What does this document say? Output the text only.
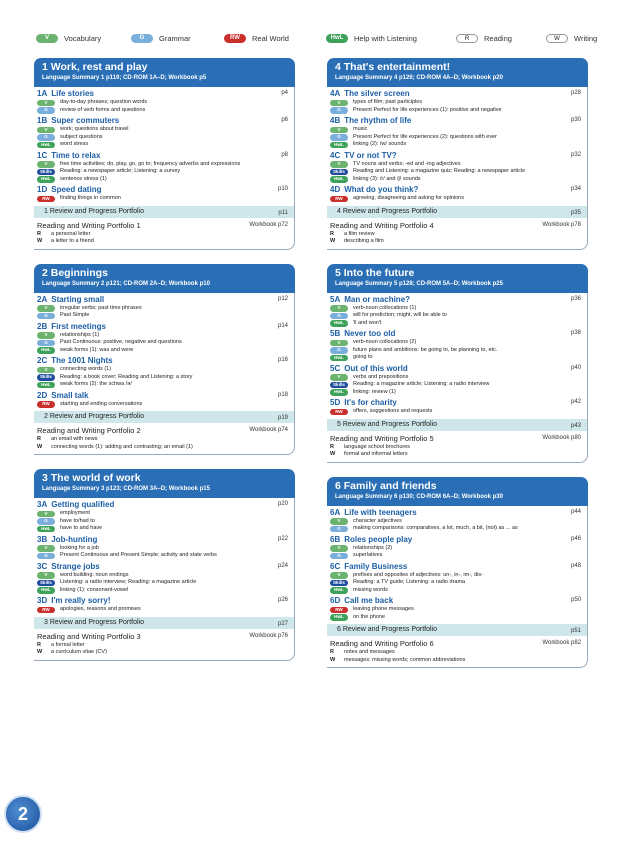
V	Vocabulary	G	Grammar	RW	Real World	HwL	Help with Listening	R	Reading	W	Writing
1 Work, rest and play
Language Summary 1 p119; CD-ROM 1A–D; Workbook p5
1A Life stories	p4
V	day-to-day phrases; question words
G	review of verb forms and questions
1B Super commuters	p6
V	work; questions about travel
G	subject questions
HwL	word stress
1C Time to relax	p8
V	free time activities; do, play, go, go to; frequency adverbs and expressions
Skills	Reading: a newspaper article; Listening: a survey
HwL	sentence stress (1)
1D Speed dating	p10
RW	finding things in common
1 Review and Progress Portfolio	p11
Reading and Writing Portfolio 1	Workbook p72
R	a personal letter
W	a letter to a friend
2 Beginnings
Language Summary 2 p121; CD-ROM 2A–D; Workbook p10
2A Starting small	p12
V	irregular verbs; past time phrases
G	Past Simple
2B First meetings	p14
V	relationships (1)
G	Past Continuous: positive, negative and questions
HwL	weak forms (1): was and were
2C The 1001 Nights	p16
V	connecting words (1)
Skills	Reading: a book cover; Reading and Listening: a story
HwL	weak forms (2): the schwa /ə/
2D Small talk	p18
RW	starting and ending conversations
2 Review and Progress Portfolio	p19
Reading and Writing Portfolio 2	Workbook p74
R	an email with news
W	connecting words (1): adding and contrasting; an email (1)
3 The world of work
Language Summary 3 p123; CD-ROM 3A–D; Workbook p15
3A Getting qualified	p20
V	employment
G	have to/had to
HwL	have to and have
3B Job-hunting	p22
V	looking for a job
G	Present Continuous and Present Simple; activity and state verbs
3C Strange jobs	p24
V	word building: noun endings
Skills	Listening: a radio interview; Reading: a magazine article
HwL	linking (1): consonant-vowel
3D I'm really sorry!	p26
RW	apologies, reasons and promises
3 Review and Progress Portfolio	p27
Reading and Writing Portfolio 3	Workbook p76
R	a formal letter
W	a curriculum vitae (CV)
4 That's entertainment!
Language Summary 4 p126; CD-ROM 4A–D; Workbook p20
4A The silver screen	p28
V	types of film; past participles
G	Present Perfect for life experiences (1): positive and negative
4B The rhythm of life	p30
V	music
G	Present Perfect for life experiences (2): questions with ever
HwL	linking (2): /w/ sounds
4C TV or not TV?	p32
V	TV nouns and verbs; -ed and -ing adjectives
Skills	Reading and Listening: a magazine quiz; Reading: a newspaper article
HwL	linking (3): /r/ and /j/ sounds
4D What do you think?	p34
RW	agreeing, disagreeing and asking for opinions
4 Review and Progress Portfolio	p35
Reading and Writing Portfolio 4	Workbook p78
R	a film review
W	describing a film
5 Into the future
Language Summary 5 p128; CD-ROM 5A–D; Workbook p25
5A Man or machine?	p36
V	verb-noun collocations (1)
G	will for prediction; might, will be able to
HwL	'll and won't
5B Never too old	p38
V	verb-noun collocations (2)
G	future plans and ambitions: be going to, be planning to, etc.
HwL	going to
5C Out of this world	p40
V	verbs and prepositions
Skills	Reading: a magazine article; Listening: a radio interview
HwL	linking: review (1)
5D It's for charity	p42
RW	offers, suggestions and requests
5 Review and Progress Portfolio	p43
Reading and Writing Portfolio 5	Workbook p80
R	language school brochures
W	formal and informal letters
6 Family and friends
Language Summary 6 p130; CD-ROM 6A–D; Workbook p30
6A Life with teenagers	p44
V	character adjectives
G	making comparisons: comparatives, a lot, much, a bit, (not) as ... as
6B Roles people play	p46
V	relationships (2)
G	superlatives
6C Family Business	p48
V	prefixes and opposites of adjectives: un-, in-, im-, dis-
Skills	Reading: a TV guide; Listening: a radio drama
HwL	missing words
6D Call me back	p50
RW	leaving phone messages
HwL	on the phone
6 Review and Progress Portfolio	p51
Reading and Writing Portfolio 6	Workbook p82
R	notes and messages
W	messages: missing words; common abbreviations
2
